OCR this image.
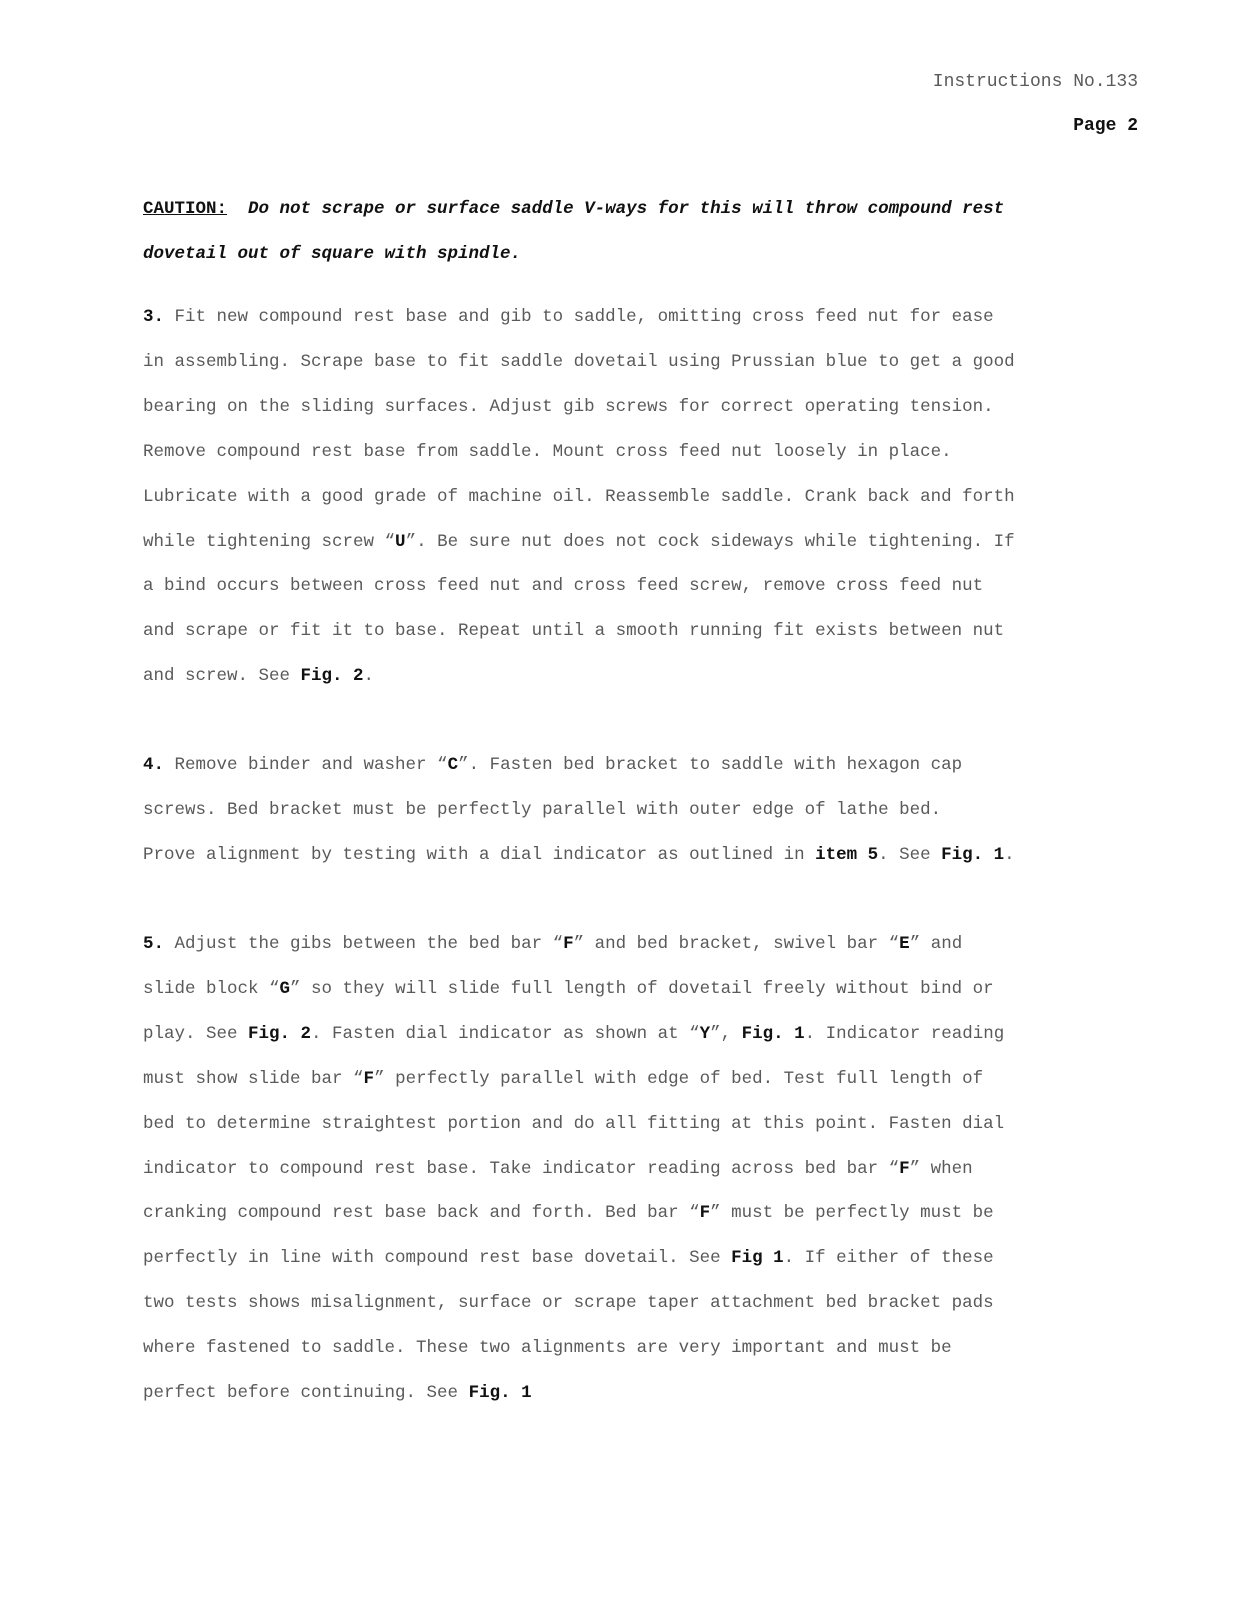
Instructions No.133
Page 2
CAUTION: Do not scrape or surface saddle V-ways for this will throw compound rest
dovetail out of square with spindle.
3. Fit new compound rest base and gib to saddle, omitting cross feed nut for ease
in assembling. Scrape base to fit saddle dovetail using Prussian blue to get a good
bearing on the sliding surfaces. Adjust gib screws for correct operating tension.
Remove compound rest base from saddle. Mount cross feed nut loosely in place.
Lubricate with a good grade of machine oil. Reassemble saddle. Crank back and forth
while tightening screw “U”. Be sure nut does not cock sideways while tightening. If
a bind occurs between cross feed nut and cross feed screw, remove cross feed nut
and scrape or fit it to base. Repeat until a smooth running fit exists between nut
and screw. See Fig. 2.
4. Remove binder and washer “C”. Fasten bed bracket to saddle with hexagon cap
screws. Bed bracket must be perfectly parallel with outer edge of lathe bed.
Prove alignment by testing with a dial indicator as outlined in item 5. See Fig. 1.
5. Adjust the gibs between the bed bar “F” and bed bracket, swivel bar “E” and
slide block “G” so they will slide full length of dovetail freely without bind or
play. See Fig. 2. Fasten dial indicator as shown at “Y”, Fig. 1. Indicator reading
must show slide bar “F” perfectly parallel with edge of bed. Test full length of
bed to determine straightest portion and do all fitting at this point. Fasten dial
indicator to compound rest base. Take indicator reading across bed bar “F” when
cranking compound rest base back and forth. Bed bar “F” must be perfectly must be
perfectly in line with compound rest base dovetail. See Fig 1. If either of these
two tests shows misalignment, surface or scrape taper attachment bed bracket pads
where fastened to saddle. These two alignments are very important and must be
perfect before continuing. See Fig. 1
